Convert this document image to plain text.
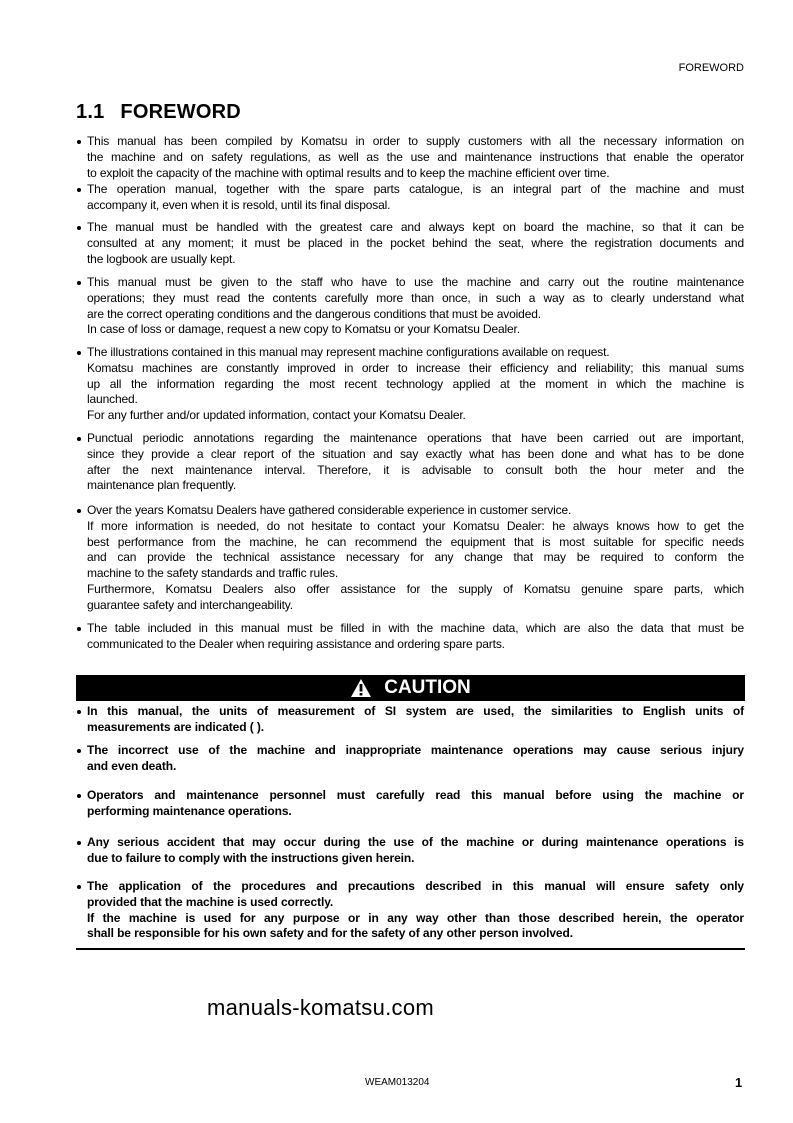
FOREWORD
1.1 FOREWORD
This manual has been compiled by Komatsu in order to supply customers with all the necessary information on
the machine and on safety regulations, as well as the use and maintenance instructions that enable the operator
to exploit the capacity of the machine with optimal results and to keep the machine efficient over time.
The operation manual, together with the spare parts catalogue, is an integral part of the machine and must
accompany it, even when it is resold, until its final disposal.
The manual must be handled with the greatest care and always kept on board the machine, so that it can be
consulted at any moment; it must be placed in the pocket behind the seat, where the registration documents and
the logbook are usually kept.
This manual must be given to the staff who have to use the machine and carry out the routine maintenance
operations; they must read the contents carefully more than once, in such a way as to clearly understand what
are the correct operating conditions and the dangerous conditions that must be avoided.
In case of loss or damage, request a new copy to Komatsu or your Komatsu Dealer.
The illustrations contained in this manual may represent machine configurations available on request.
Komatsu machines are constantly improved in order to increase their efficiency and reliability; this manual sums
up all the information regarding the most recent technology applied at the moment in which the machine is
launched.
For any further and/or updated information, contact your Komatsu Dealer.
Punctual periodic annotations regarding the maintenance operations that have been carried out are important,
since they provide a clear report of the situation and say exactly what has been done and what has to be done
after the next maintenance interval. Therefore, it is advisable to consult both the hour meter and the
maintenance plan frequently.
Over the years Komatsu Dealers have gathered considerable experience in customer service.
If more information is needed, do not hesitate to contact your Komatsu Dealer: he always knows how to get the
best performance from the machine, he can recommend the equipment that is most suitable for specific needs
and can provide the technical assistance necessary for any change that may be required to conform the
machine to the safety standards and traffic rules.
Furthermore, Komatsu Dealers also offer assistance for the supply of Komatsu genuine spare parts, which
guarantee safety and interchangeability.
The table included in this manual must be filled in with the machine data, which are also the data that must be
communicated to the Dealer when requiring assistance and ordering spare parts.
CAUTION
In this manual, the units of measurement of SI system are used, the similarities to English units of
measurements are indicated ( ).
The incorrect use of the machine and inappropriate maintenance operations may cause serious injury
and even death.
Operators and maintenance personnel must carefully read this manual before using the machine or
performing maintenance operations.
Any serious accident that may occur during the use of the machine or during maintenance operations is
due to failure to comply with the instructions given herein.
The application of the procedures and precautions described in this manual will ensure safety only
provided that the machine is used correctly.
If the machine is used for any purpose or in any way other than those described herein, the operator
shall be responsible for his own safety and for the safety of any other person involved.
manuals-komatsu.com
WEAM013204	1
